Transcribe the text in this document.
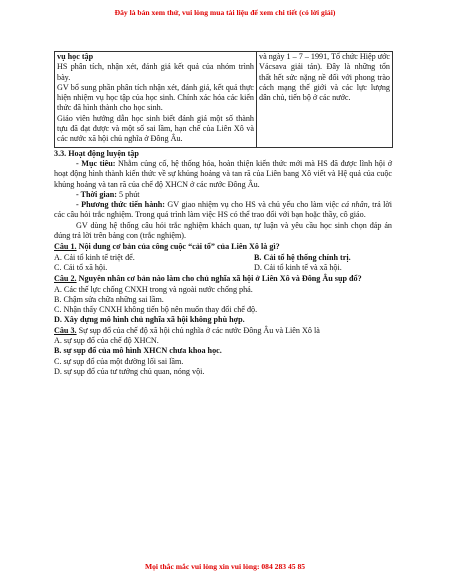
Đây là bản xem thử, vui lòng mua tài liệu để xem chi tiết (có lời giải)
vụ học tập
HS phân tích, nhận xét, đánh giá kết quả của nhóm trình bày.
GV bổ sung phần phân tích nhận xét, đánh giá, kết quả thực hiện nhiệm vụ học tập của học sinh. Chính xác hóa các kiến thức đã hình thành cho học sinh.
Giáo viên hướng dẫn học sinh biết đánh giá một số thành tựu đã đạt được và một số sai lầm, hạn chế của Liên Xô và các nước xã hội chủ nghĩa ở Đông Âu.

và ngày 1 – 7 – 1991, Tổ chức Hiệp ước Vácsava giải tán). Đây là những tổn thất hết sức nặng nề đối với phong trào cách mạng thế giới và các lực lượng dân chủ, tiến bộ ở các nước.
3.3. Hoạt động luyện tập

- Mục tiêu: Nhằm củng cố, hệ thống hóa, hoàn thiện kiến thức mới mà HS đã được lĩnh hội ở hoạt động hình thành kiến thức về sự khủng hoảng và tan rã của Liên bang Xô viết và Hệ quả của cuộc khủng hoảng và tan rã của chế độ XHCN ở các nước Đông Âu.

- Thời gian: 5 phút

- Phương thức tiến hành: GV giao nhiệm vụ cho HS và chủ yếu cho làm việc cá nhân, trả lời các câu hỏi trắc nghiệm. Trong quá trình làm việc HS có thể trao đổi với bạn hoặc thầy, cô giáo.

GV dùng hệ thống câu hỏi trắc nghiệm khách quan, tự luận và yêu cầu học sinh chọn đáp án đúng trả lời trên bảng con (trắc nghiệm).

Câu 1. Nội dung cơ bản của công cuộc “cải tổ” của Liên Xô là gì?
A. Cải tổ kinh tế triệt để.	B. Cải tổ hệ thống chính trị.
C. Cải tổ xã hội.	D. Cải tổ kinh tế và xã hội.
Câu 2. Nguyên nhân cơ bản nào làm cho chủ nghĩa xã hội ở Liên Xô và Đông Âu sụp đổ?
A. Các thế lực chống CNXH trong và ngoài nước chống phá.
B. Chậm sửa chữa những sai lầm.
C. Nhận thấy CNXH không tiến bộ nên muốn thay đổi chế độ.
D. Xây dựng mô hình chủ nghĩa xã hội không phù hợp.
Câu 3. Sự sụp đổ của chế độ xã hội chủ nghĩa ở các nước Đông Âu và Liên Xô là
A. sự sụp đổ của chế độ XHCN.
B. sự sụp đổ của mô hình XHCN chưa khoa học.
C. sự sụp đổ của một đường lối sai lầm.
D. sự sụp đổ của tư tưởng chủ quan, nóng vội.
Mọi thắc mắc vui lòng xin vui lòng: 084 283 45 85
